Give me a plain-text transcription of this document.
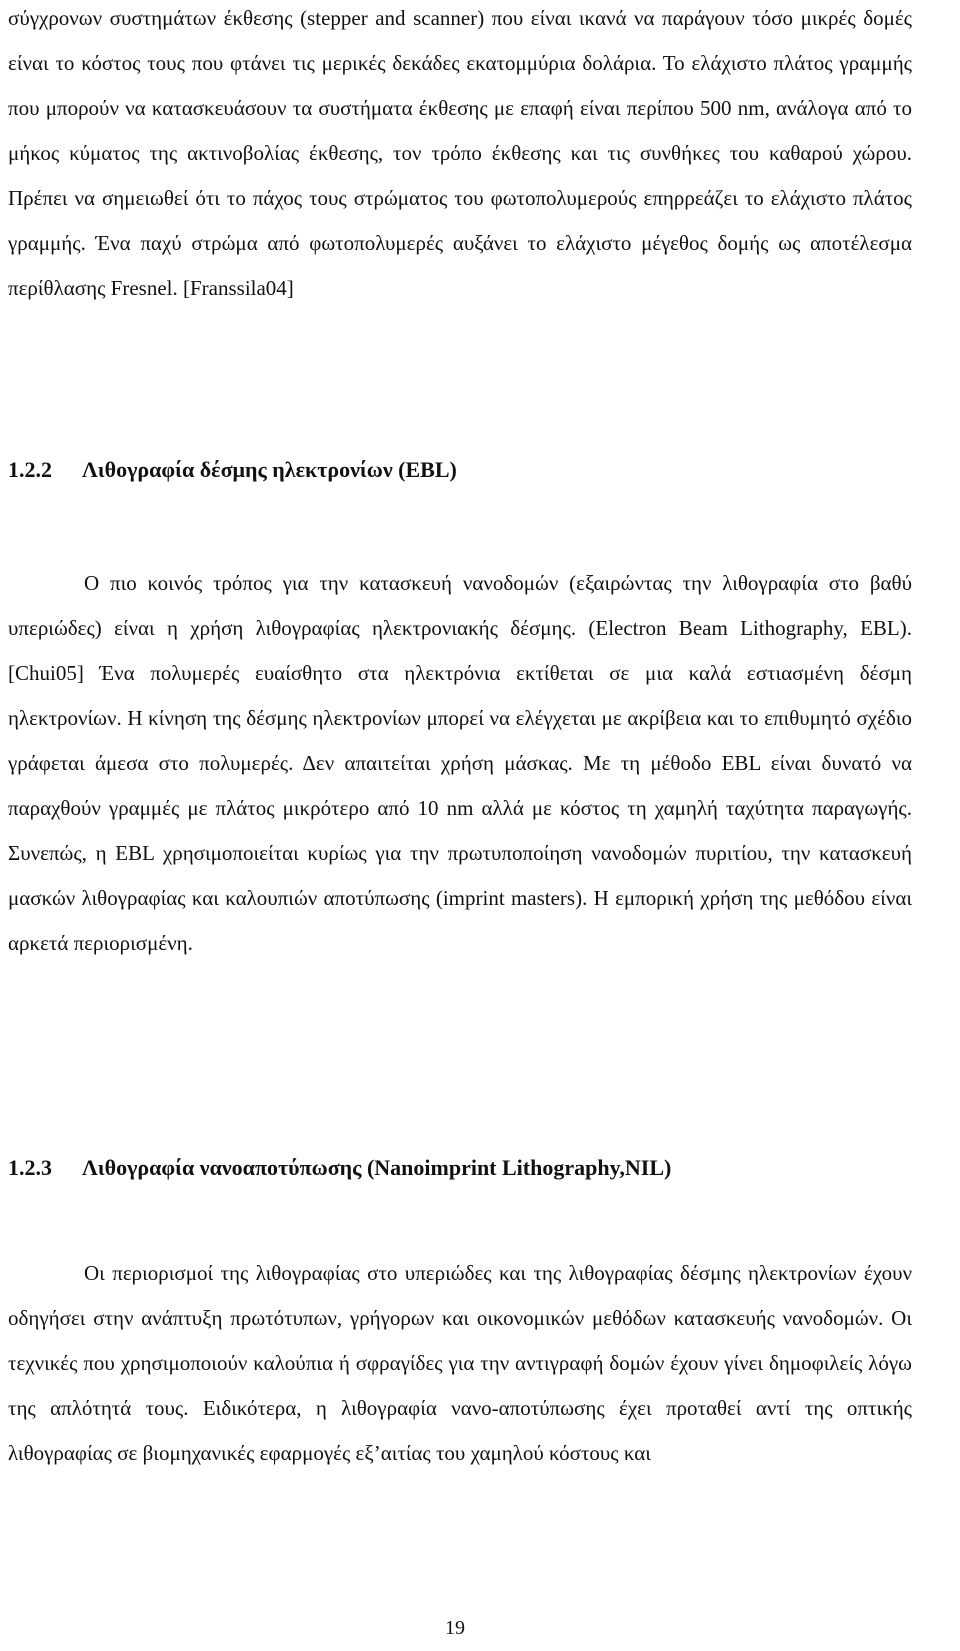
σύγχρονων συστημάτων έκθεσης (stepper and scanner) που είναι ικανά να παράγουν τόσο μικρές δομές είναι το κόστος τους που φτάνει τις μερικές δεκάδες εκατομμύρια δολάρια. Το ελάχιστο πλάτος γραμμής που μπορούν να κατασκευάσουν τα συστήματα έκθεσης με επαφή είναι περίπου 500 nm, ανάλογα από το μήκος κύματος της ακτινοβολίας έκθεσης, τον τρόπο έκθεσης και τις συνθήκες του καθαρού χώρου. Πρέπει να σημειωθεί ότι το πάχος τους στρώματος του φωτοπολυμερούς επηρρεάζει το ελάχιστο πλάτος γραμμής. Ένα παχύ στρώμα από φωτοπολυμερές αυξάνει το ελάχιστο μέγεθος δομής ως αποτέλεσμα περίθλασης Fresnel. [Franssila04]

1.2.2 Λιθογραφία δέσμης ηλεκτρονίων (EBL)

Ο πιο κοινός τρόπος για την κατασκευή νανοδομών (εξαιρώντας την λιθογραφία στο βαθύ υπεριώδες) είναι η χρήση λιθογραφίας ηλεκτρονιακής δέσμης. (Electron Beam Lithography, EBL). [Chui05] Ένα πολυμερές ευαίσθητο στα ηλεκτρόνια εκτίθεται σε μια καλά εστιασμένη δέσμη ηλεκτρονίων. Η κίνηση της δέσμης ηλεκτρονίων μπορεί να ελέγχεται με ακρίβεια και το επιθυμητό σχέδιο γράφεται άμεσα στο πολυμερές. Δεν απαιτείται χρήση μάσκας. Με τη μέθοδο EBL είναι δυνατό να παραχθούν γραμμές με πλάτος μικρότερο από 10 nm αλλά με κόστος τη χαμηλή ταχύτητα παραγωγής. Συνεπώς, η EBL χρησιμοποιείται κυρίως για την πρωτυποποίηση νανοδομών πυριτίου, την κατασκευή μασκών λιθογραφίας και καλουπιών αποτύπωσης (imprint masters). Η εμπορική χρήση της μεθόδου είναι αρκετά περιορισμένη.

1.2.3 Λιθογραφία νανοαποτύπωσης (Nanoimprint Lithography,NIL)

Οι περιορισμοί της λιθογραφίας στο υπεριώδες και της λιθογραφίας δέσμης ηλεκτρονίων έχουν οδηγήσει στην ανάπτυξη πρωτότυπων, γρήγορων και οικονομικών μεθόδων κατασκευής νανοδομών. Οι τεχνικές που χρησιμοποιούν καλούπια ή σφραγίδες για την αντιγραφή δομών έχουν γίνει δημοφιλείς λόγω της απλότητά τους. Ειδικότερα, η λιθογραφία νανο-αποτύπωσης έχει προταθεί αντί της οπτικής λιθογραφίας σε βιομηχανικές εφαρμογές εξ’αιτίας του χαμηλού κόστους και

19
